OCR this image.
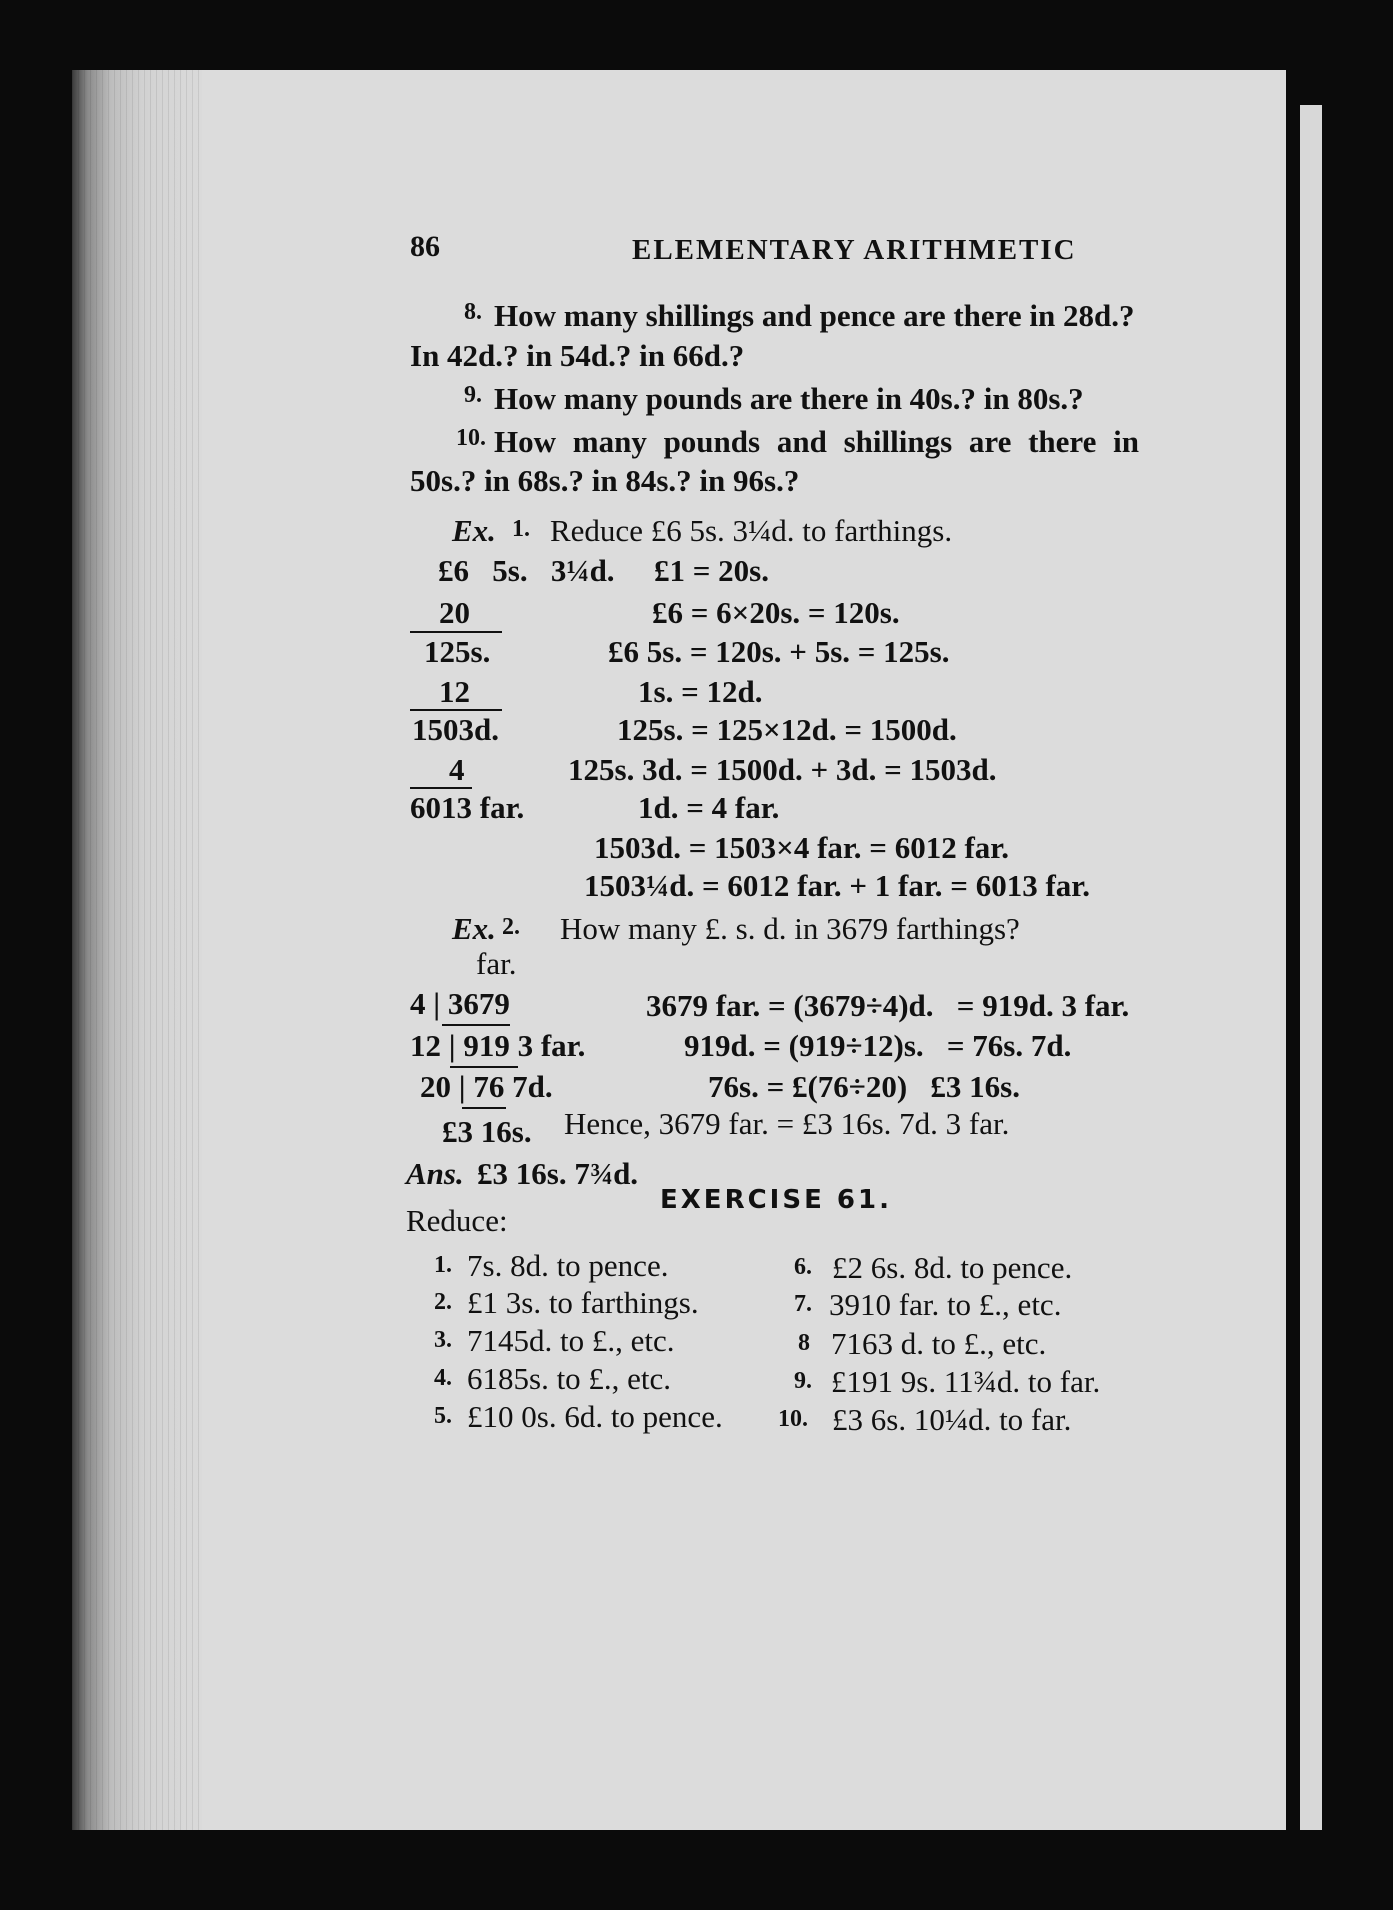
86	ELEMENTARY ARITHMETIC
8. How many shillings and pence are there in 28d.?
In 42d.? in 54d.? in 66d.?
9. How many pounds are there in 40s.? in 80s.?
10. How many pounds and shillings are there in
50s.? in 68s.? in 84s.? in 96s.?
Ex. 1. Reduce £6 5s. 3¼d. to farthings.
£6   5s.   3¼d.
20
125s.
12
1503d.
4
6013 far.
£1 = 20s.
£6 = 6×20s. = 120s.
£6 5s. = 120s. + 5s. = 125s.
1s. = 12d.
125s. = 125×12d. = 1500d.
125s. 3d. = 1500d. + 3d. = 1503d.
1d. = 4 far.
1503d. = 1503×4 far. = 6012 far.
1503¼d. = 6012 far. + 1 far. = 6013 far.
Ex. 2. How many £. s. d. in 3679 farthings?
far.
4 | 3679
12 | 919 3 far.
20 | 76 7d.
£3 16s.
3679 far. = (3679÷4)d.   = 919d. 3 far.
919d. = (919÷12)s.   = 76s. 7d.
76s. = £(76÷20)   £3 16s.
Hence, 3679 far. = £3 16s. 7d. 3 far.
Ans. £3 16s. 7¾d.
EXERCISE 61.
Reduce:
1. 7s. 8d. to pence.
2. £1 3s. to farthings.
3. 7145d. to £., etc.
4. 6185s. to £., etc.
5. £10 0s. 6d. to pence.
6. £2 6s. 8d. to pence.
7. 3910 far. to £., etc.
8 7163 d. to £., etc.
9. £191 9s. 11¾d. to far.
10. £3 6s. 10¼d. to far.
